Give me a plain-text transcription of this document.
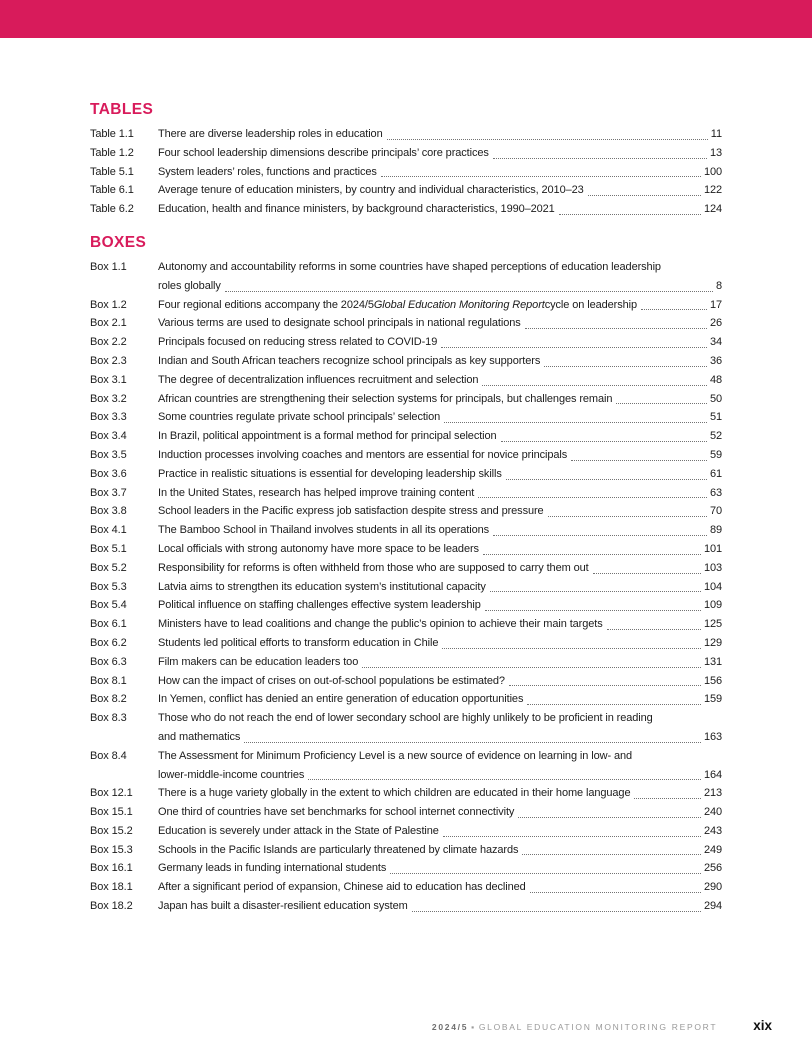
TABLES
Table 1.1	There are diverse leadership roles in education	11
Table 1.2	Four school leadership dimensions describe principals’ core practices	13
Table 5.1	System leaders’ roles, functions and practices	100
Table 6.1	Average tenure of education ministers, by country and individual characteristics, 2010–23	122
Table 6.2	Education, health and finance ministers, by background characteristics, 1990–2021	124
BOXES
Box 1.1	Autonomy and accountability reforms in some countries have shaped perceptions of education leadership
roles globally	8
Box 1.2	Four regional editions accompany the 2024/5 Global Education Monitoring Report cycle on leadership	17
Box 2.1	Various terms are used to designate school principals in national regulations	26
Box 2.2	Principals focused on reducing stress related to COVID-19	34
Box 2.3	Indian and South African teachers recognize school principals as key supporters	36
Box 3.1	The degree of decentralization influences recruitment and selection	48
Box 3.2	African countries are strengthening their selection systems for principals, but challenges remain	50
Box 3.3	Some countries regulate private school principals’ selection	51
Box 3.4	In Brazil, political appointment is a formal method for principal selection	52
Box 3.5	Induction processes involving coaches and mentors are essential for novice principals	59
Box 3.6	Practice in realistic situations is essential for developing leadership skills	61
Box 3.7	In the United States, research has helped improve training content	63
Box 3.8	School leaders in the Pacific express job satisfaction despite stress and pressure	70
Box 4.1	The Bamboo School in Thailand involves students in all its operations	89
Box 5.1	Local officials with strong autonomy have more space to be leaders	101
Box 5.2	Responsibility for reforms is often withheld from those who are supposed to carry them out	103
Box 5.3	Latvia aims to strengthen its education system’s institutional capacity	104
Box 5.4	Political influence on staffing challenges effective system leadership	109
Box 6.1	Ministers have to lead coalitions and change the public’s opinion to achieve their main targets	125
Box 6.2	Students led political efforts to transform education in Chile	129
Box 6.3	Film makers can be education leaders too	131
Box 8.1	How can the impact of crises on out-of-school populations be estimated?	156
Box 8.2	In Yemen, conflict has denied an entire generation of education opportunities	159
Box 8.3	Those who do not reach the end of lower secondary school are highly unlikely to be proficient in reading
and mathematics	163
Box 8.4	The Assessment for Minimum Proficiency Level is a new source of evidence on learning in low- and
lower-middle-income countries	164
Box 12.1	There is a huge variety globally in the extent to which children are educated in their home language	213
Box 15.1	One third of countries have set benchmarks for school internet connectivity	240
Box 15.2	Education is severely under attack in the State of Palestine	243
Box 15.3	Schools in the Pacific Islands are particularly threatened by climate hazards	249
Box 16.1	Germany leads in funding international students	256
Box 18.1	After a significant period of expansion, Chinese aid to education has declined	290
Box 18.2	Japan has built a disaster-resilient education system	294
2024/5 ▪ GLOBAL EDUCATION MONITORING REPORT	xix
